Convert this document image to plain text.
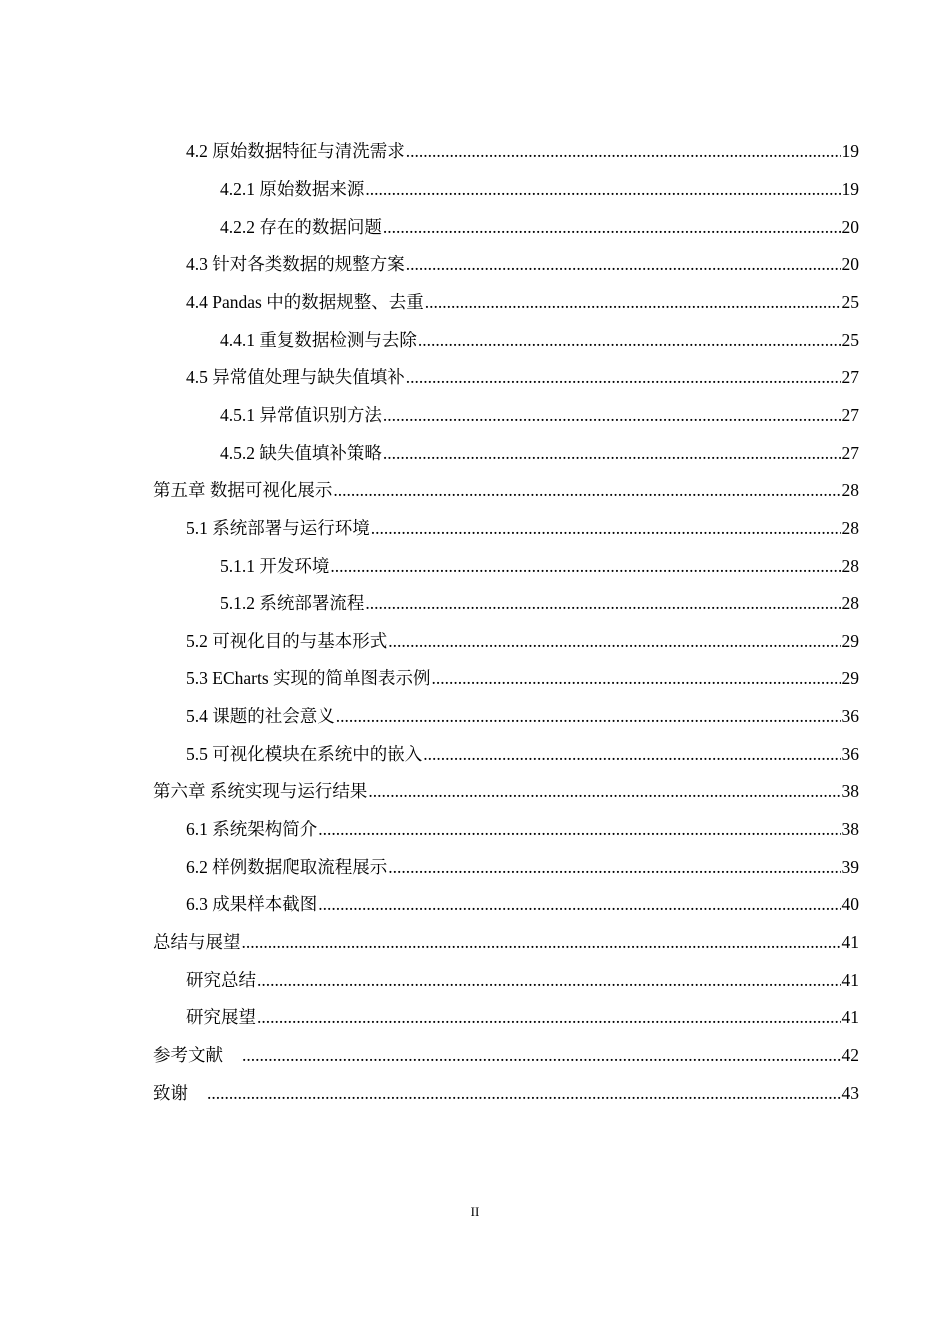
4.2 原始数据特征与清洗需求 .....	19
4.2.1 原始数据来源 .....	19
4.2.2 存在的数据问题 .....	20
4.3 针对各类数据的规整方案 .....	20
4.4 Pandas 中的数据规整、去重 .....	25
4.4.1 重复数据检测与去除 .....	25
4.5 异常值处理与缺失值填补 .....	27
4.5.1 异常值识别方法 .....	27
4.5.2 缺失值填补策略 .....	27
第五章 数据可视化展示 .....	28
5.1 系统部署与运行环境 .....	28
5.1.1 开发环境 .....	28
5.1.2 系统部署流程 .....	28
5.2 可视化目的与基本形式 .....	29
5.3 ECharts 实现的简单图表示例 .....	29
5.4 课题的社会意义 .....	36
5.5 可视化模块在系统中的嵌入 .....	36
第六章 系统实现与运行结果 .....	38
6.1 系统架构简介 .....	38
6.2 样例数据爬取流程展示 .....	39
6.3 成果样本截图 .....	40
总结与展望 .....	41
研究总结 .....	41
研究展望 .....	41
参考文献 .....	42
致谢 .....	43
II
